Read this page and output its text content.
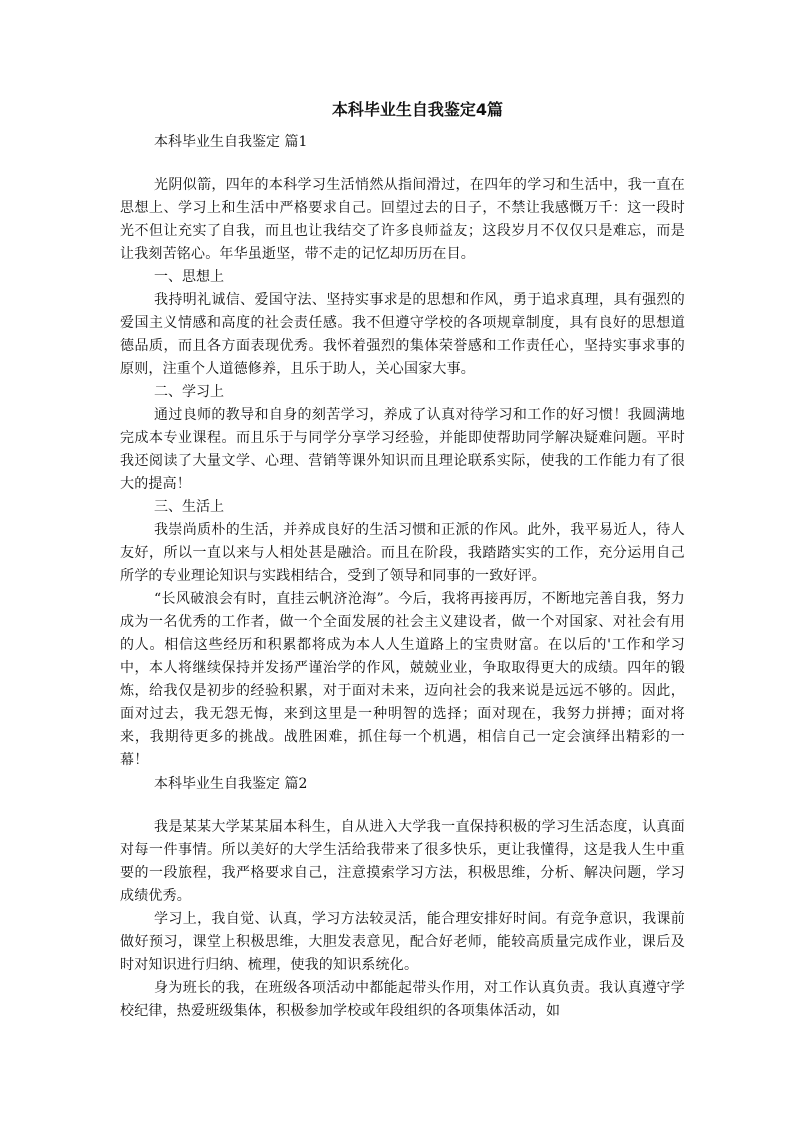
本科毕业生自我鉴定4篇

本科毕业生自我鉴定 篇1

光阴似箭，四年的本科学习生活悄然从指间滑过，在四年的学习和生活中，我一直在思想上、学习上和生活中严格要求自己。回望过去的日子，不禁让我感慨万千：这一段时光不但让充实了自我，而且也让我结交了许多良师益友；这段岁月不仅仅只是难忘，而是让我刻苦铭心。年华虽逝坚，带不走的记忆却历历在目。

一、思想上

我持明礼诚信、爱国守法、坚持实事求是的思想和作风，勇于追求真理，具有强烈的爱国主义情感和高度的社会责任感。我不但遵守学校的各项规章制度，具有良好的思想道德品质，而且各方面表现优秀。我怀着强烈的集体荣誉感和工作责任心，坚持实事求事的原则，注重个人道德修养，且乐于助人，关心国家大事。

二、学习上

通过良师的教导和自身的刻苦学习，养成了认真对待学习和工作的好习惯！我圆满地完成本专业课程。而且乐于与同学分享学习经验，并能即使帮助同学解决疑难问题。平时我还阅读了大量文学、心理、营销等课外知识而且理论联系实际，使我的工作能力有了很大的提高！

三、生活上

我崇尚质朴的生活，并养成良好的生活习惯和正派的作风。此外，我平易近人，待人友好，所以一直以来与人相处甚是融洽。而且在阶段，我踏踏实实的工作，充分运用自己所学的专业理论知识与实践相结合，受到了领导和同事的一致好评。

“长风破浪会有时，直挂云帆济沧海”。今后，我将再接再厉，不断地完善自我，努力成为一名优秀的工作者，做一个全面发展的社会主义建设者，做一个对国家、对社会有用的人。相信这些经历和积累都将成为本人人生道路上的宝贵财富。在以后的'工作和学习中，本人将继续保持并发扬严谨治学的作风，兢兢业业，争取取得更大的成绩。四年的锻炼，给我仅是初步的经验积累，对于面对未来，迈向社会的我来说是远远不够的。因此，面对过去，我无怨无悔，来到这里是一种明智的选择；面对现在，我努力拼搏；面对将来，我期待更多的挑战。战胜困难，抓住每一个机遇，相信自己一定会演绎出精彩的一幕！

本科毕业生自我鉴定 篇2

我是某某大学某某届本科生，自从进入大学我一直保持积极的学习生活态度，认真面对每一件事情。所以美好的大学生活给我带来了很多快乐，更让我懂得，这是我人生中重要的一段旅程，我严格要求自己，注意摸索学习方法，积极思维，分析、解决问题，学习成绩优秀。

学习上，我自觉、认真，学习方法较灵活，能合理安排好时间。有竞争意识，我课前做好预习，课堂上积极思维，大胆发表意见，配合好老师，能较高质量完成作业，课后及时对知识进行归纳、梳理，使我的知识系统化。

身为班长的我，在班级各项活动中都能起带头作用，对工作认真负责。我认真遵守学校纪律，热爱班级集体，积极参加学校或年段组织的各项集体活动，如
